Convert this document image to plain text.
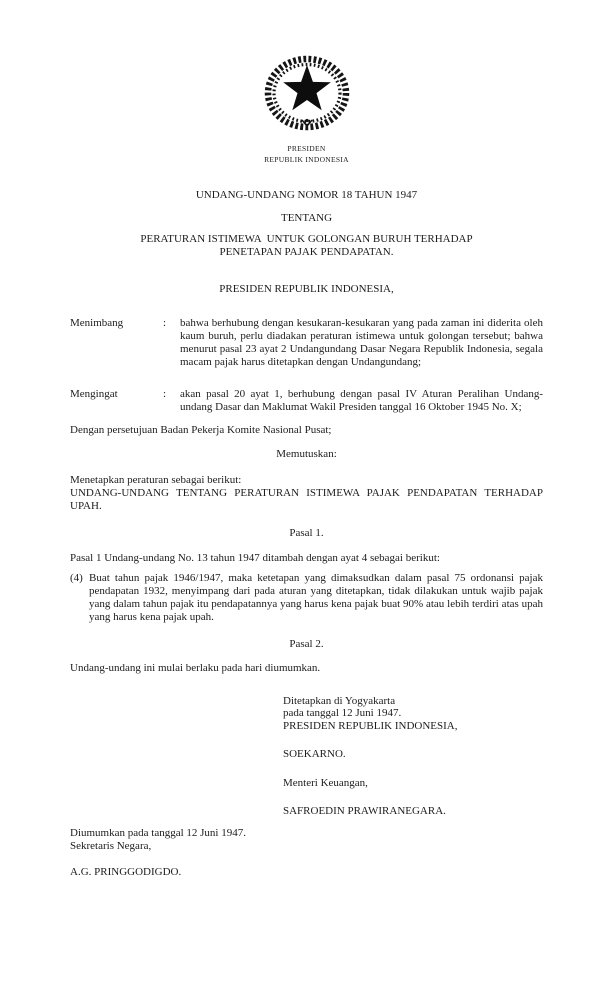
PRESIDEN
REPUBLIK INDONESIA
UNDANG-UNDANG NOMOR 18 TAHUN 1947
TENTANG
PERATURAN ISTIMEWA  UNTUK GOLONGAN BURUH TERHADAP
PENETAPAN PAJAK PENDAPATAN.
PRESIDEN REPUBLIK INDONESIA,
Menimbang	:	bahwa berhubung dengan kesukaran-kesukaran yang pada zaman ini diderita oleh kaum buruh, perlu diadakan peraturan istimewa untuk golongan tersebut; bahwa menurut pasal 23 ayat 2 Undangundang Dasar Negara Republik Indonesia, segala macam pajak harus ditetapkan dengan Undangundang;
Mengingat	:	akan pasal 20 ayat 1, berhubung dengan pasal IV Aturan Peralihan Undang-undang Dasar dan Maklumat Wakil Presiden tanggal 16 Oktober 1945 No. X;
Dengan persetujuan Badan Pekerja Komite Nasional Pusat;
Memutuskan:
Menetapkan peraturan sebagai berikut:
UNDANG-UNDANG TENTANG PERATURAN ISTIMEWA PAJAK PENDAPATAN TERHADAP
UPAH.
Pasal 1.
Pasal 1 Undang-undang No. 13 tahun 1947 ditambah dengan ayat 4 sebagai berikut:
(4) Buat tahun pajak 1946/1947, maka ketetapan yang dimaksudkan dalam pasal 75 ordonansi pajak pendapatan 1932, menyimpang dari pada aturan yang ditetapkan, tidak dilakukan untuk wajib pajak yang dalam tahun pajak itu pendapatannya yang harus kena pajak buat 90% atau lebih terdiri atas upah yang harus kena pajak upah.
Pasal 2.
Undang-undang ini mulai berlaku pada hari diumumkan.
Ditetapkan di Yogyakarta
pada tanggal 12 Juni 1947.
PRESIDEN REPUBLIK INDONESIA,
SOEKARNO.
Menteri Keuangan,
SAFROEDIN PRAWIRANEGARA.
Diumumkan pada tanggal 12 Juni 1947.
Sekretaris Negara,
A.G. PRINGGODIGDO.
